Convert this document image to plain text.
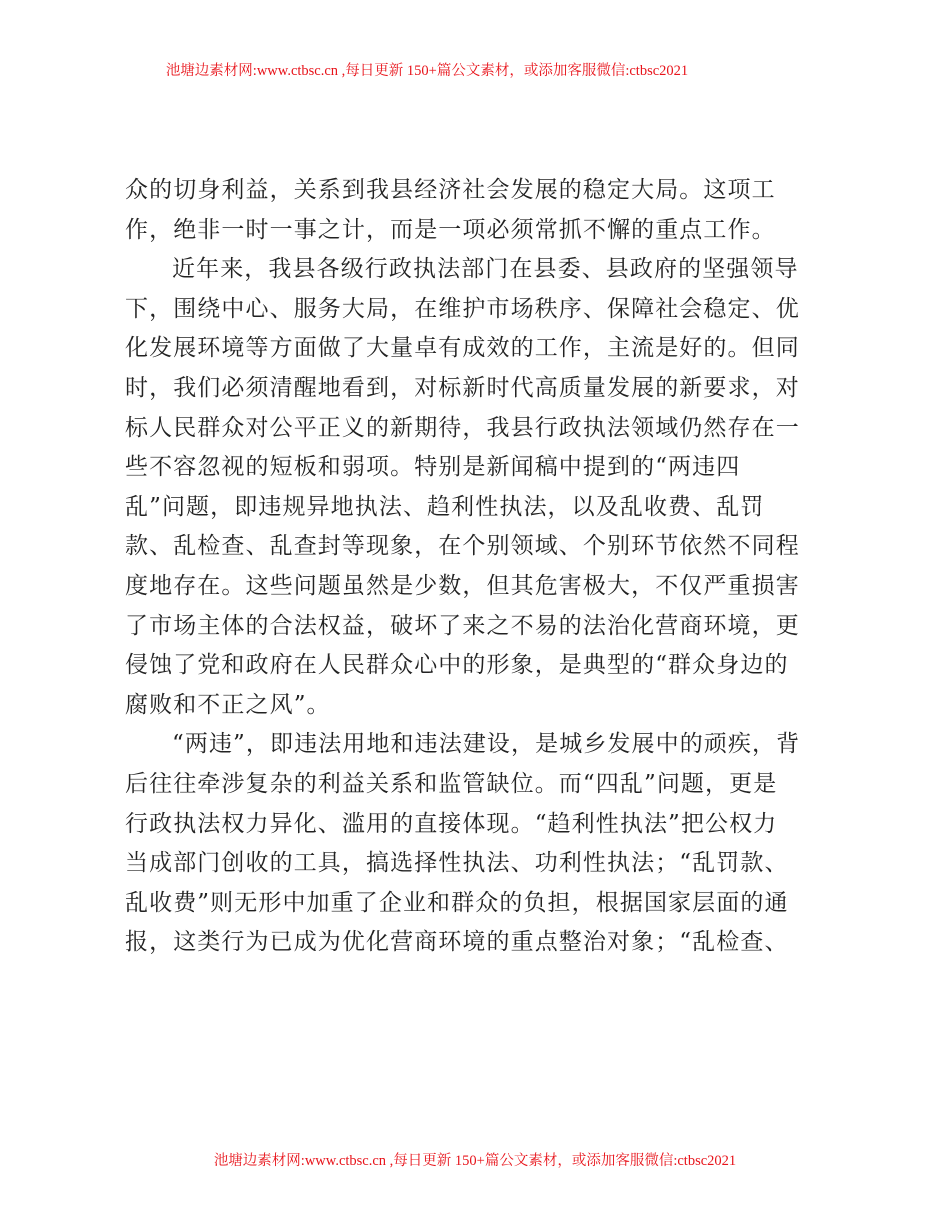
池塘边素材网:www.ctbsc.cn ,每日更新 150+篇公文素材，或添加客服微信:ctbsc2021
众的切身利益，关系到我县经济社会发展的稳定大局。这项工
作，绝非一时一事之计，而是一项必须常抓不懈的重点工作。
近年来，我县各级行政执法部门在县委、县政府的坚强领导
下，围绕中心、服务大局，在维护市场秩序、保障社会稳定、优
化发展环境等方面做了大量卓有成效的工作，主流是好的。但同
时，我们必须清醒地看到，对标新时代高质量发展的新要求，对
标人民群众对公平正义的新期待，我县行政执法领域仍然存在一
些不容忽视的短板和弱项。特别是新闻稿中提到的“两违四
乱”问题，即违规异地执法、趋利性执法，以及乱收费、乱罚
款、乱检查、乱查封等现象，在个别领域、个别环节依然不同程
度地存在。这些问题虽然是少数，但其危害极大，不仅严重损害
了市场主体的合法权益，破坏了来之不易的法治化营商环境，更
侵蚀了党和政府在人民群众心中的形象，是典型的“群众身边的
腐败和不正之风”。
“两违”，即违法用地和违法建设，是城乡发展中的顽疾，背
后往往牵涉复杂的利益关系和监管缺位。而“四乱”问题，更是
行政执法权力异化、滥用的直接体现。“趋利性执法”把公权力
当成部门创收的工具，搞选择性执法、功利性执法；“乱罚款、
乱收费”则无形中加重了企业和群众的负担，根据国家层面的通
报，这类行为已成为优化营商环境的重点整治对象；“乱检查、
池塘边素材网:www.ctbsc.cn ,每日更新 150+篇公文素材，或添加客服微信:ctbsc2021
